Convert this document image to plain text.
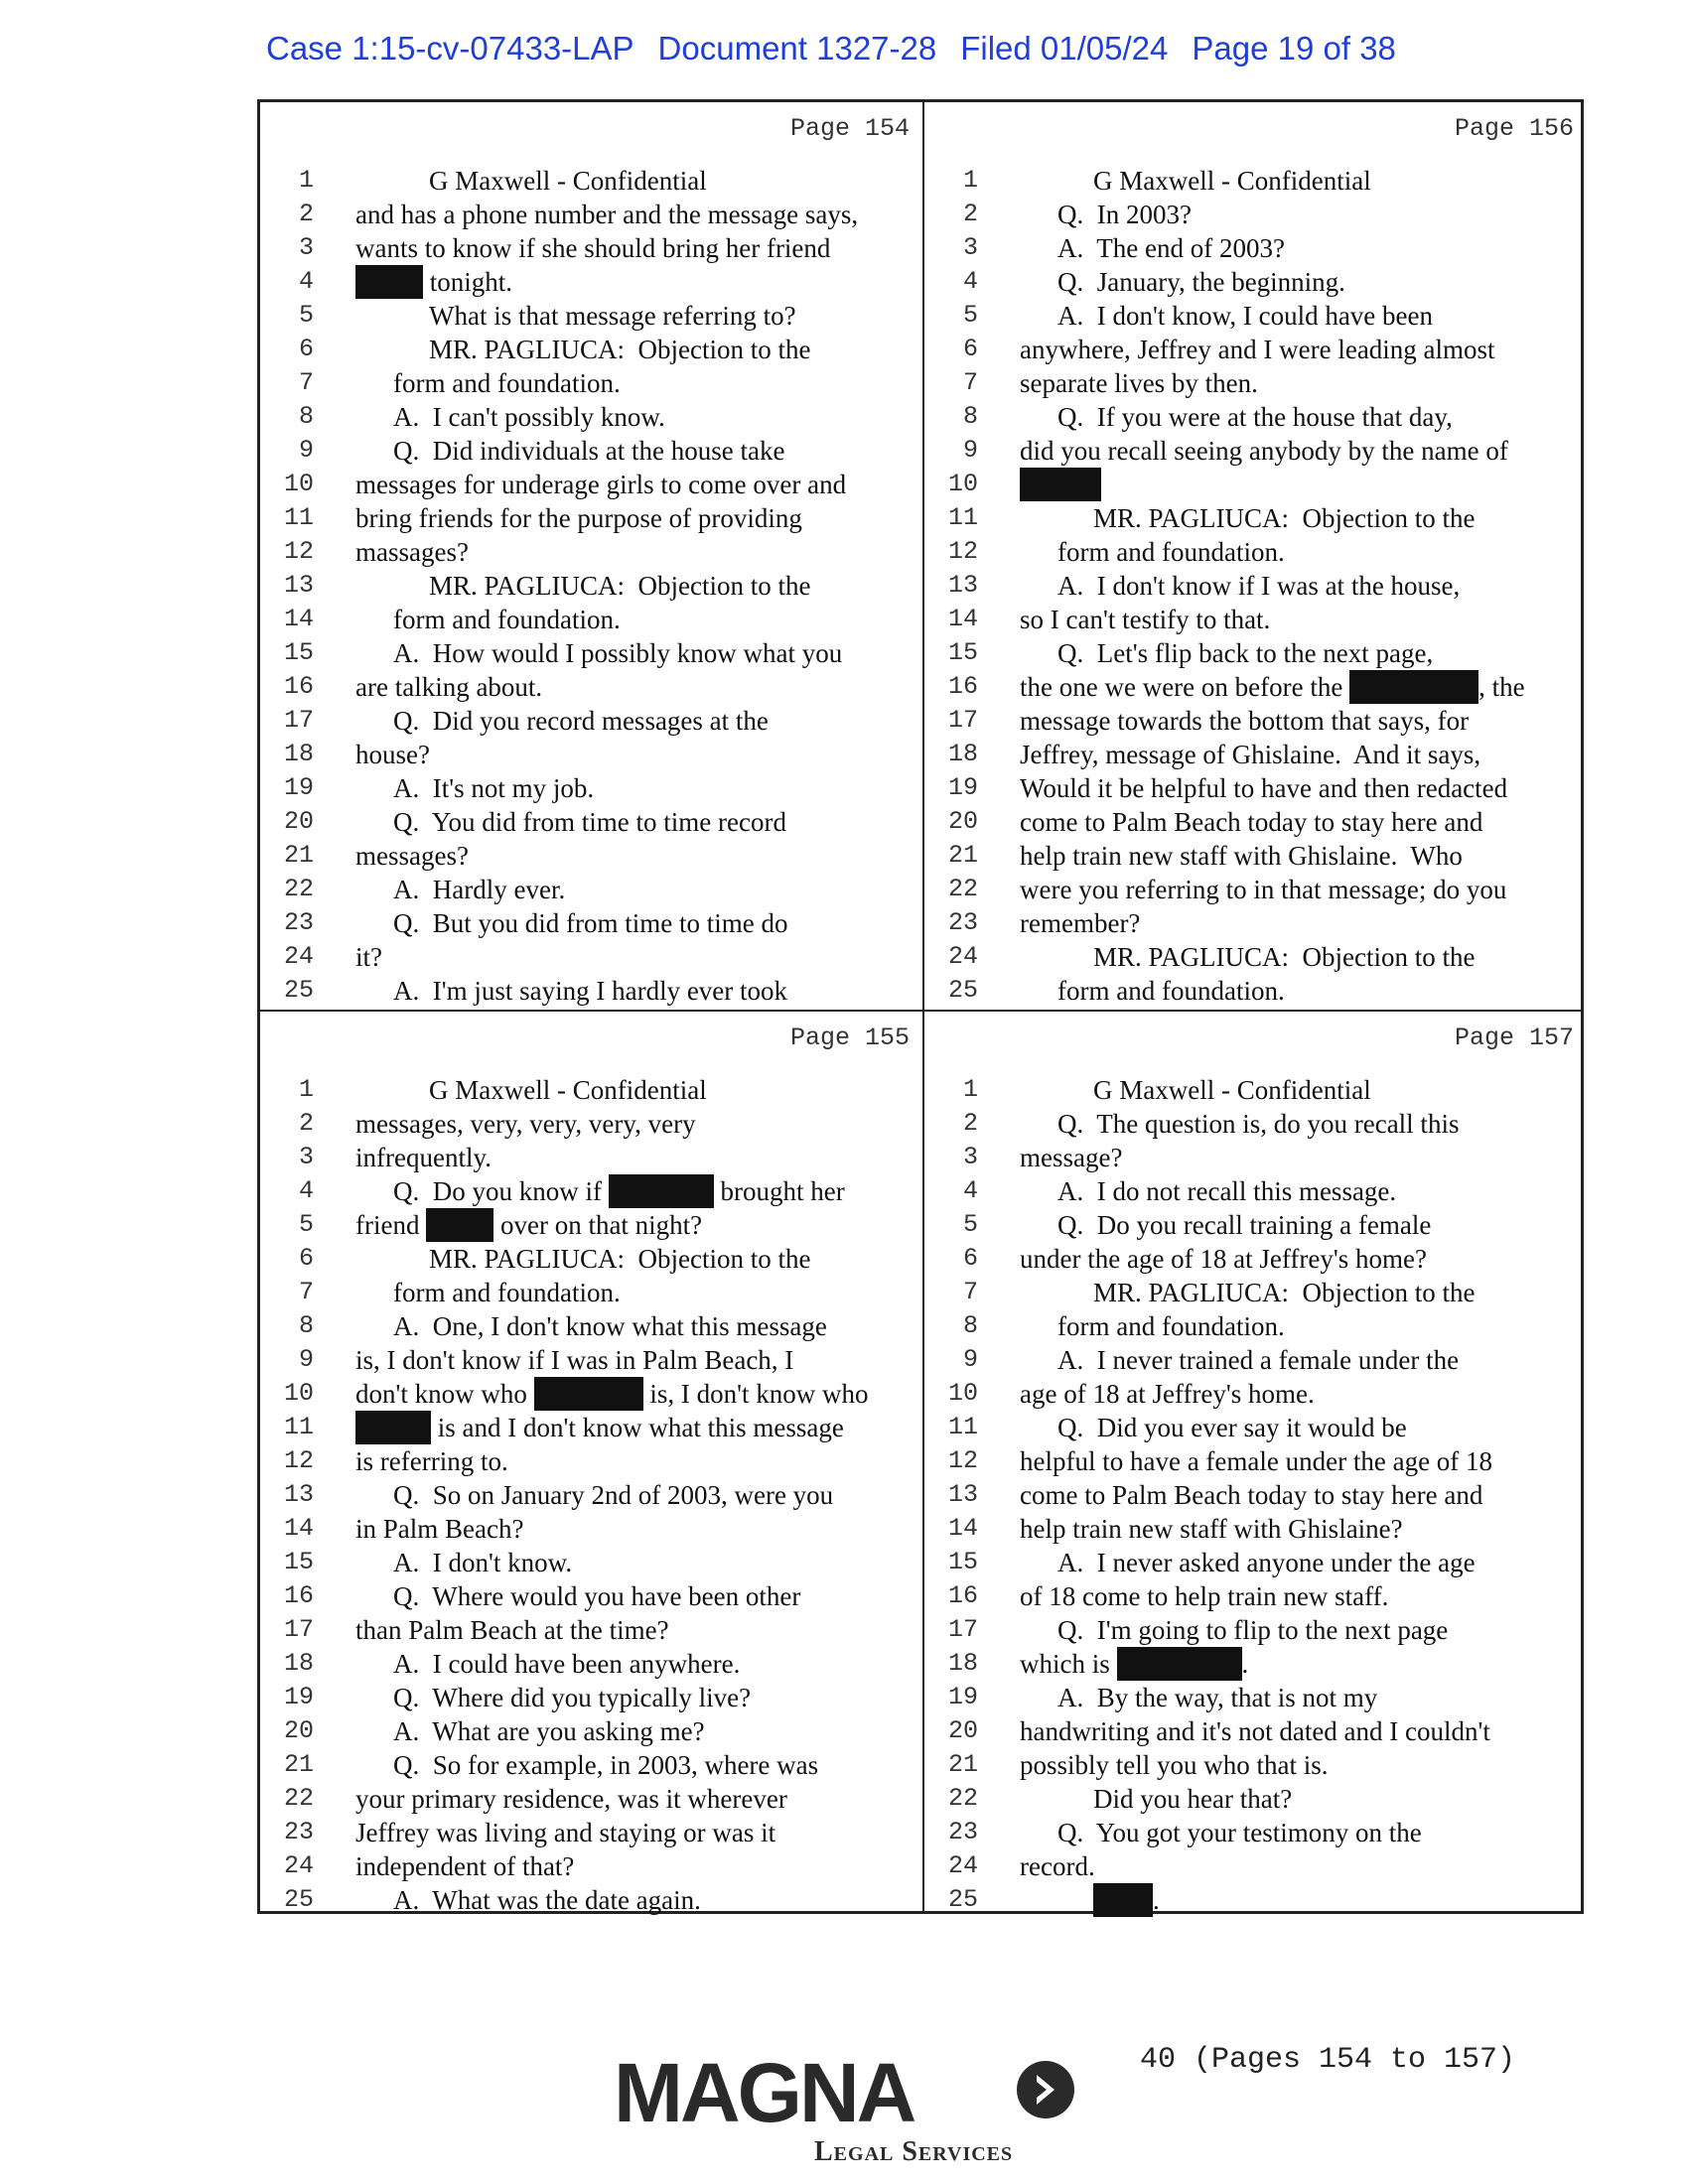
Case 1:15-cv-07433-LAP Document 1327-28 Filed 01/05/24 Page 19 of 38
Page 154
1	G Maxwell - Confidential
2 and has a phone number and the message says,
3 wants to know if she should bring her friend
4	tonight.
5	What is that message referring to?
6	MR. PAGLIUCA:  Objection to the
7	form and foundation.
8	A.  I can't possibly know.
9	Q.  Did individuals at the house take
10 messages for underage girls to come over and
11 bring friends for the purpose of providing
12 massages?
13	MR. PAGLIUCA:  Objection to the
14	form and foundation.
15	A.  How would I possibly know what you
16 are talking about.
17	Q.  Did you record messages at the
18 house?
19	A.  It's not my job.
20	Q.  You did from time to time record
21 messages?
22	A.  Hardly ever.
23	Q.  But you did from time to time do
24 it?
25	A.  I'm just saying I hardly ever took
Page 156
1	G Maxwell - Confidential
2	Q.  In 2003?
3	A.  The end of 2003?
4	Q.  January, the beginning.
5	A.  I don't know, I could have been
6 anywhere, Jeffrey and I were leading almost
7 separate lives by then.
8	Q.  If you were at the house that day,
9 did you recall seeing anybody by the name of
10
11	MR. PAGLIUCA:  Objection to the
12	form and foundation.
13	A.  I don't know if I was at the house,
14 so I can't testify to that.
15	Q.  Let's flip back to the next page,
16 the one we were on before the	, the
17 message towards the bottom that says, for
18 Jeffrey, message of Ghislaine.  And it says,
19 Would it be helpful to have and then redacted
20 come to Palm Beach today to stay here and
21 help train new staff with Ghislaine.  Who
22 were you referring to in that message; do you
23 remember?
24	MR. PAGLIUCA:  Objection to the
25	form and foundation.
Page 155
1	G Maxwell - Confidential
2 messages, very, very, very, very
3 infrequently.
4	Q.  Do you know if	brought her
5 friend	over on that night?
6	MR. PAGLIUCA:  Objection to the
7	form and foundation.
8	A.  One, I don't know what this message
9 is, I don't know if I was in Palm Beach, I
10 don't know who	is, I don't know who
11	is and I don't know what this message
12 is referring to.
13	Q.  So on January 2nd of 2003, were you
14 in Palm Beach?
15	A.  I don't know.
16	Q.  Where would you have been other
17 than Palm Beach at the time?
18	A.  I could have been anywhere.
19	Q.  Where did you typically live?
20	A.  What are you asking me?
21	Q.  So for example, in 2003, where was
22 your primary residence, was it wherever
23 Jeffrey was living and staying or was it
24 independent of that?
25	A.  What was the date again.
Page 157
1	G Maxwell - Confidential
2	Q.  The question is, do you recall this
3 message?
4	A.  I do not recall this message.
5	Q.  Do you recall training a female
6 under the age of 18 at Jeffrey's home?
7	MR. PAGLIUCA:  Objection to the
8	form and foundation.
9	A.  I never trained a female under the
10 age of 18 at Jeffrey's home.
11	Q.  Did you ever say it would be
12 helpful to have a female under the age of 18
13 come to Palm Beach today to stay here and
14 help train new staff with Ghislaine?
15	A.  I never asked anyone under the age
16 of 18 come to help train new staff.
17	Q.  I'm going to flip to the next page
18 which is	.
19	A.  By the way, that is not my
20 handwriting and it's not dated and I couldn't
21 possibly tell you who that is.
22	Did you hear that?
23	Q.  You got your testimony on the
24 record.
25	.
MAGNA
Legal Services
40 (Pages 154 to 157)
